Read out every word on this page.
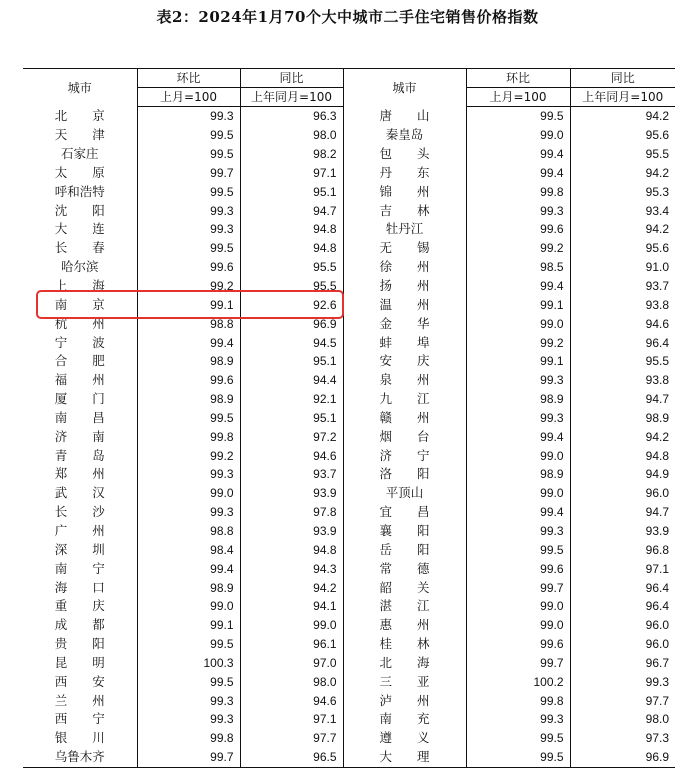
表2：2024年1月70个大中城市二手住宅销售价格指数
城市	环比	同比	城市	环比	同比
	上月=100	上年同月=100		上月=100	上年同月=100
北　　京	99.3	96.3	唐　　山	99.5	94.2
天　　津	99.5	98.0	秦皇岛	99.0	95.6
石家庄	99.5	98.2	包　　头	99.4	95.5
太　　原	99.7	97.1	丹　　东	99.4	94.2
呼和浩特	99.5	95.1	锦　　州	99.8	95.3
沈　　阳	99.3	94.7	吉　　林	99.3	93.4
大　　连	99.3	94.8	牡丹江	99.6	94.2
长　　春	99.5	94.8	无　　锡	99.2	95.6
哈尔滨	99.6	95.5	徐　　州	98.5	91.0
上　　海	99.2	95.5	扬　　州	99.4	93.7
南　　京	99.1	92.6	温　　州	99.1	93.8
杭　　州	98.8	96.9	金　　华	99.0	94.6
宁　　波	99.4	94.5	蚌　　埠	99.2	96.4
合　　肥	98.9	95.1	安　　庆	99.1	95.5
福　　州	99.6	94.4	泉　　州	99.3	93.8
厦　　门	98.9	92.1	九　　江	98.9	94.7
南　　昌	99.5	95.1	赣　　州	99.3	98.9
济　　南	99.8	97.2	烟　　台	99.4	94.2
青　　岛	99.2	94.6	济　　宁	99.0	94.8
郑　　州	99.3	93.7	洛　　阳	98.9	94.9
武　　汉	99.0	93.9	平顶山	99.0	96.0
长　　沙	99.3	97.8	宜　　昌	99.4	94.7
广　　州	98.8	93.9	襄　　阳	99.3	93.9
深　　圳	98.4	94.8	岳　　阳	99.5	96.8
南　　宁	99.4	94.3	常　　德	99.6	97.1
海　　口	98.9	94.2	韶　　关	99.7	96.4
重　　庆	99.0	94.1	湛　　江	99.0	96.4
成　　都	99.1	99.0	惠　　州	99.0	96.0
贵　　阳	99.5	96.1	桂　　林	99.6	96.0
昆　　明	100.3	97.0	北　　海	99.7	96.7
西　　安	99.5	98.0	三　　亚	100.2	99.3
兰　　州	99.3	94.6	泸　　州	99.8	97.7
西　　宁	99.3	97.1	南　　充	99.3	98.0
银　　川	99.8	97.7	遵　　义	99.5	97.3
乌鲁木齐	99.7	96.5	大　　理	99.5	96.9
